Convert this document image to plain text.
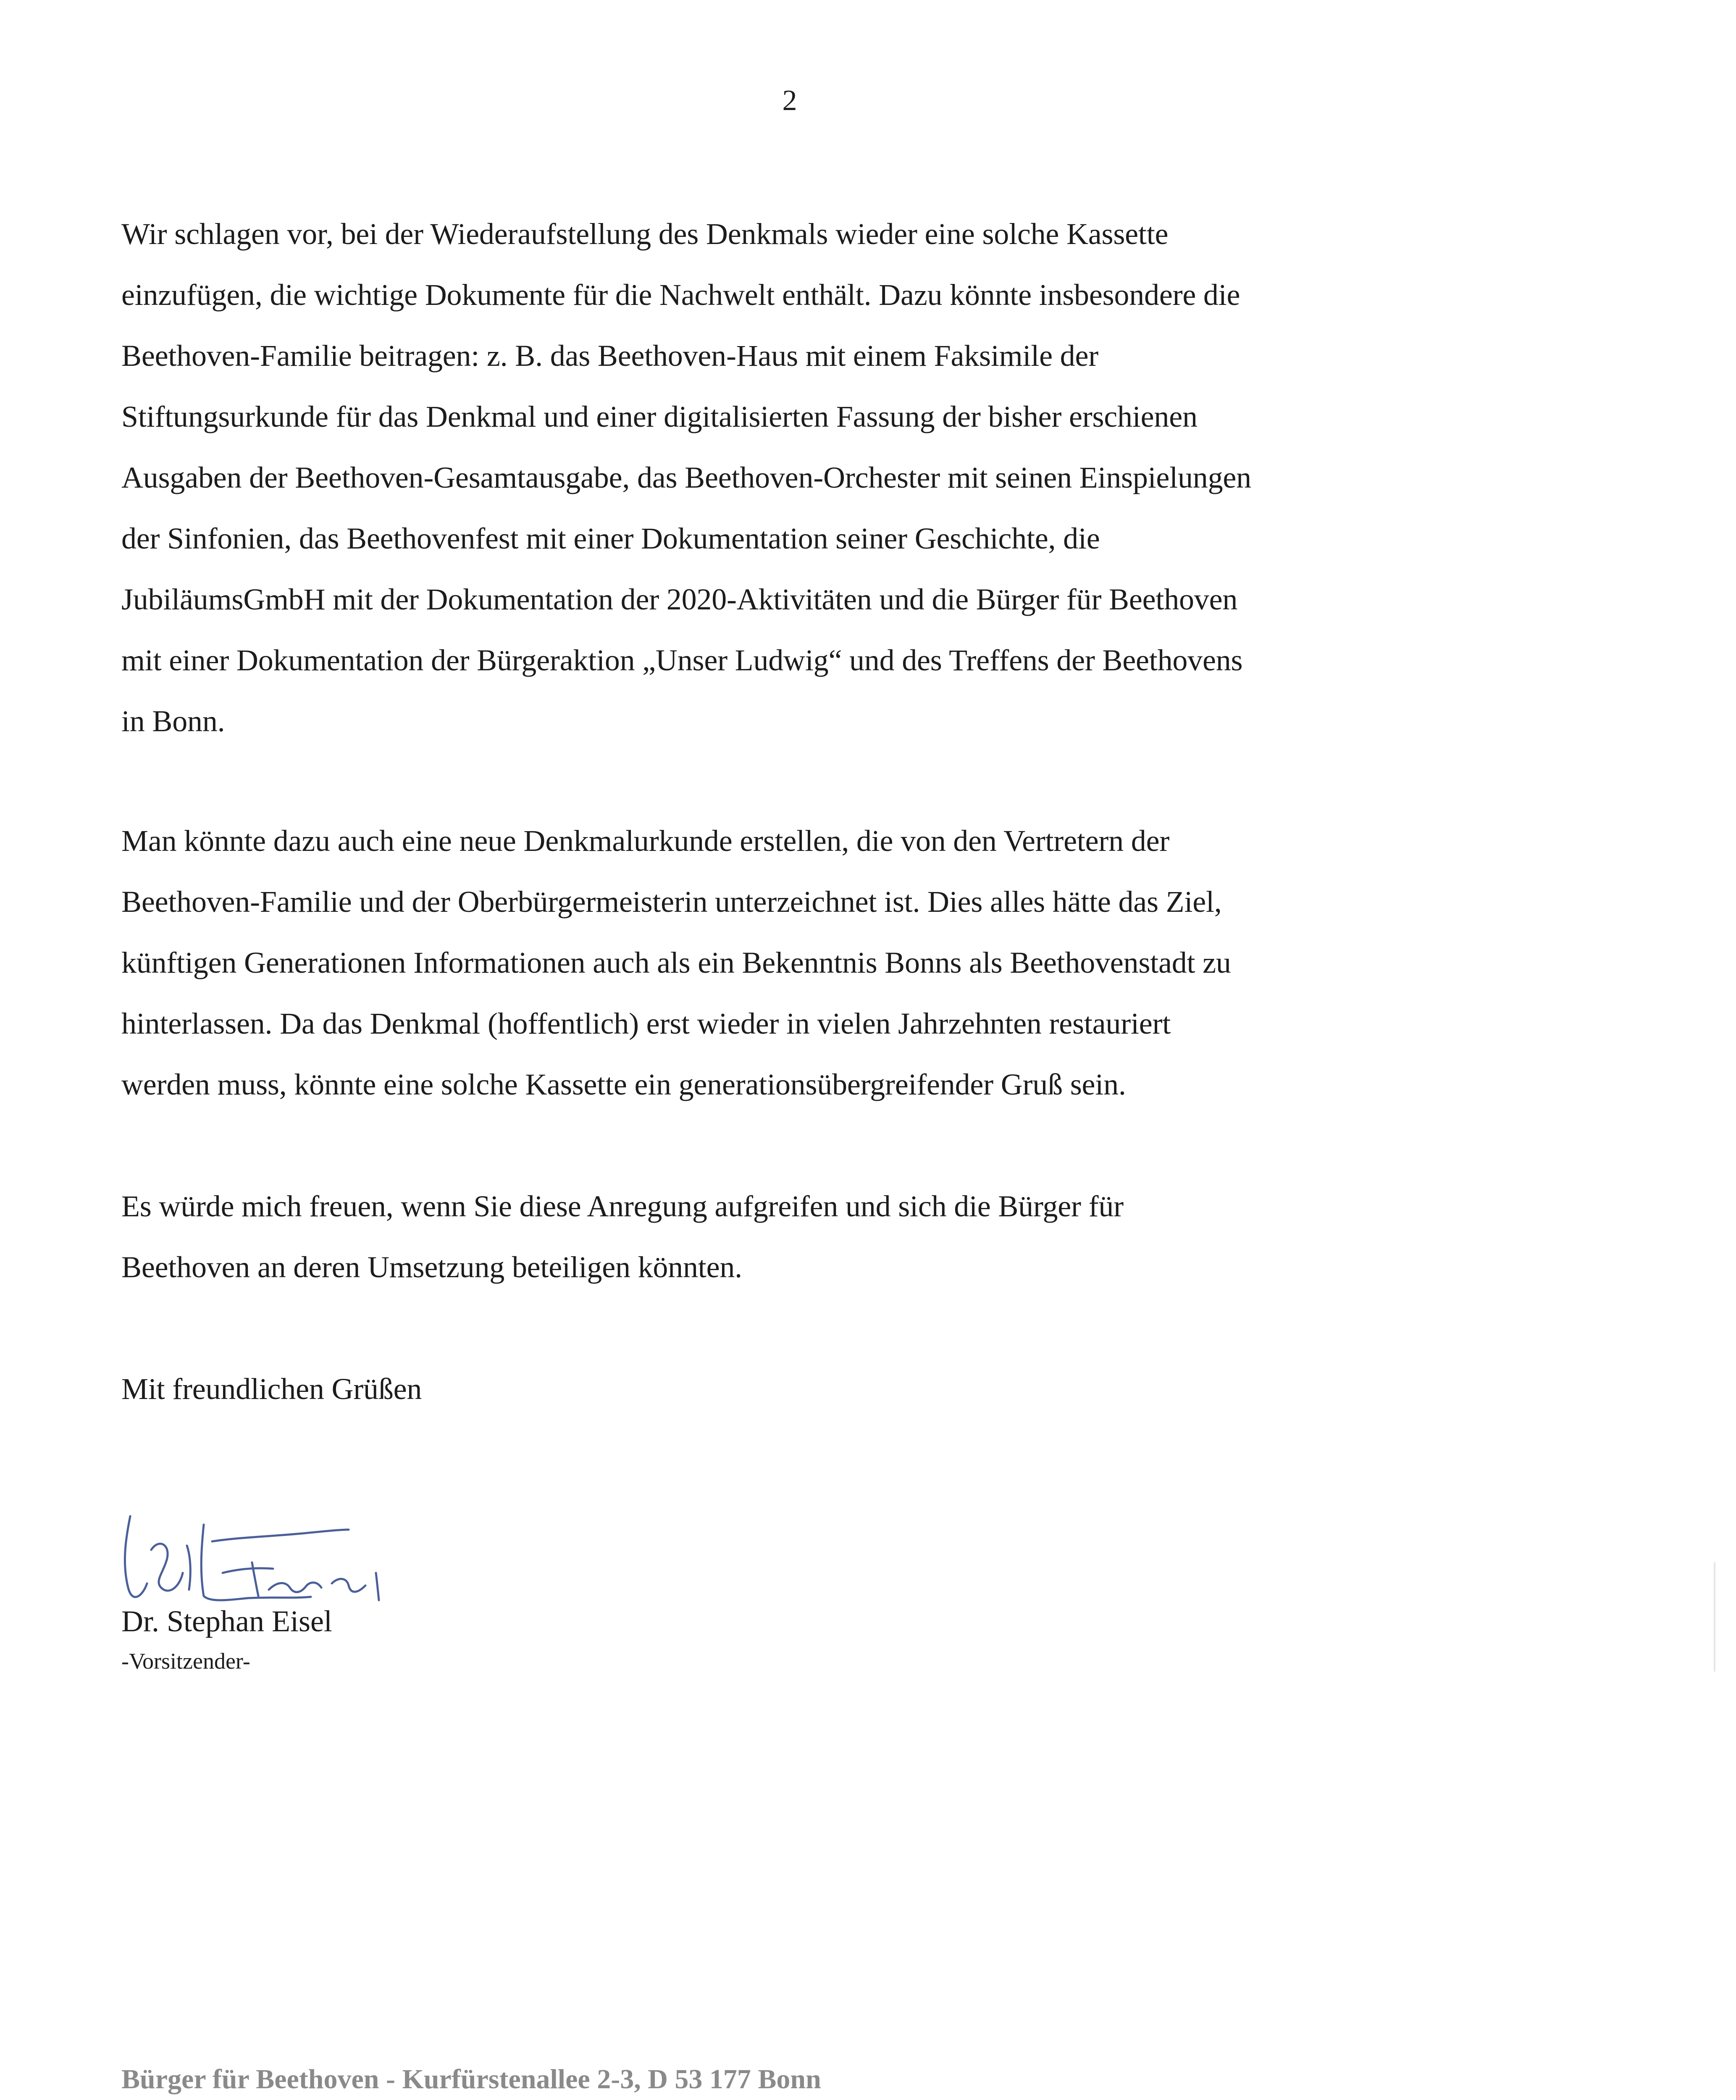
2

Wir schlagen vor, bei der Wiederaufstellung des Denkmals wieder eine solche Kassette
einzufügen, die wichtige Dokumente für die Nachwelt enthält. Dazu könnte insbesondere die
Beethoven-Familie beitragen: z. B. das Beethoven-Haus mit einem Faksimile der
Stiftungsurkunde für das Denkmal und einer digitalisierten Fassung der bisher erschienen
Ausgaben der Beethoven-Gesamtausgabe, das Beethoven-Orchester mit seinen Einspielungen
der Sinfonien, das Beethovenfest mit einer Dokumentation seiner Geschichte, die
JubiläumsGmbH mit der Dokumentation der 2020-Aktivitäten und die Bürger für Beethoven
mit einer Dokumentation der Bürgeraktion „Unser Ludwig“ und des Treffens der Beethovens
in Bonn.

Man könnte dazu auch eine neue Denkmalurkunde erstellen, die von den Vertretern der
Beethoven-Familie und der Oberbürgermeisterin unterzeichnet ist. Dies alles hätte das Ziel,
künftigen Generationen Informationen auch als ein Bekenntnis Bonns als Beethovenstadt zu
hinterlassen. Da das Denkmal (hoffentlich) erst wieder in vielen Jahrzehnten restauriert
werden muss, könnte eine solche Kassette ein generationsübergreifender Gruß sein.

Es würde mich freuen, wenn Sie diese Anregung aufgreifen und sich die Bürger für
Beethoven an deren Umsetzung beteiligen könnten.

Mit freundlichen Grüßen
Dr. Stephan Eisel
-Vorsitzender-
Bürger für Beethoven - Kurfürstenallee 2-3, D 53 177 Bonn
